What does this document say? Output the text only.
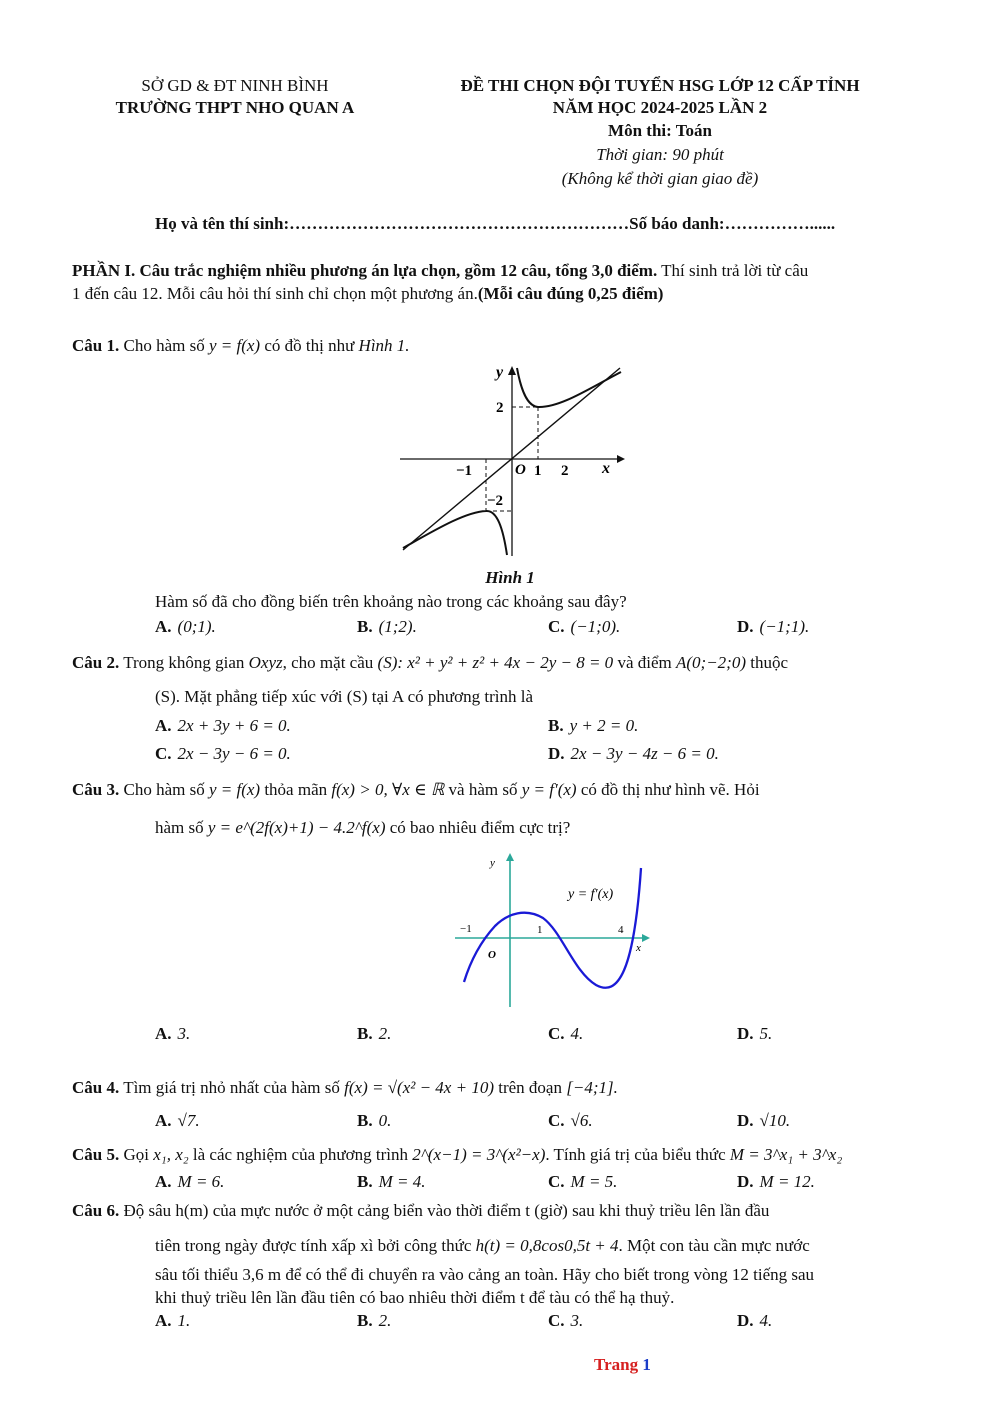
SỞ GD & ĐT NINH BÌNH
TRƯỜNG THPT NHO QUAN A
ĐỀ THI CHỌN ĐỘI TUYỂN HSG LỚP 12 CẤP TỈNH
NĂM HỌC 2024-2025 LẦN 2
Môn thi: Toán
Thời gian: 90 phút
(Không kể thời gian giao đề)
Họ và tên thí sinh:……………………………………………………Số báo danh:……………......
PHẦN I. Câu trắc nghiệm nhiều phương án lựa chọn, gồm 12 câu, tổng 3,0 điểm. Thí sinh trả lời từ câu
1 đến câu 12. Mỗi câu hỏi thí sinh chỉ chọn một phương án.(Mỗi câu đúng 0,25 điểm)
Câu 1. Cho hàm số y = f(x) có đồ thị như Hình 1.
y
x
O
2
−1	1 2
−2
Hình 1
Hàm số đã cho đồng biến trên khoảng nào trong các khoảng sau đây?
A. (0;1).	B. (1;2).	C. (−1;0).	D. (−1;1).
Câu 2. Trong không gian Oxyz, cho mặt cầu (S): x² + y² + z² + 4x − 2y − 8 = 0 và điểm A(0;−2;0) thuộc
(S). Mặt phẳng tiếp xúc với (S) tại A có phương trình là
A. 2x + 3y + 6 = 0.	B. y + 2 = 0.
C. 2x − 3y − 6 = 0.	D. 2x − 3y − 4z − 6 = 0.
Câu 3. Cho hàm số y = f(x) thỏa mãn f(x) > 0, ∀x ∈ ℝ và hàm số y = f′(x) có đồ thị như hình vẽ. Hỏi
hàm số y = e^(2f(x)+1) − 4.2^f(x) có bao nhiêu điểm cực trị?
y
x
O
−1	1	4
y = f′(x)
A. 3.	B. 2.	C. 4.	D. 5.
Câu 4. Tìm giá trị nhỏ nhất của hàm số f(x) = √(x² − 4x + 10) trên đoạn [−4;1].
A. √7.	B. 0.	C. √6.	D. √10.
Câu 5. Gọi x₁, x₂ là các nghiệm của phương trình 2^(x−1) = 3^(x²−x). Tính giá trị của biểu thức M = 3^x₁ + 3^x₂
A. M = 6.	B. M = 4.	C. M = 5.	D. M = 12.
Câu 6. Độ sâu h(m) của mực nước ở một cảng biển vào thời điểm t (giờ) sau khi thuỷ triều lên lần đầu
tiên trong ngày được tính xấp xì bởi công thức h(t) = 0,8cos0,5t + 4. Một con tàu cần mực nước
sâu tối thiểu 3,6 m để có thể đi chuyển ra vào cảng an toàn. Hãy cho biết trong vòng 12 tiếng sau
khi thuỷ triều lên lần đầu tiên có bao nhiêu thời điểm t để tàu có thể hạ thuỷ.
A. 1.	B. 2.	C. 3.	D. 4.
Trang 1
